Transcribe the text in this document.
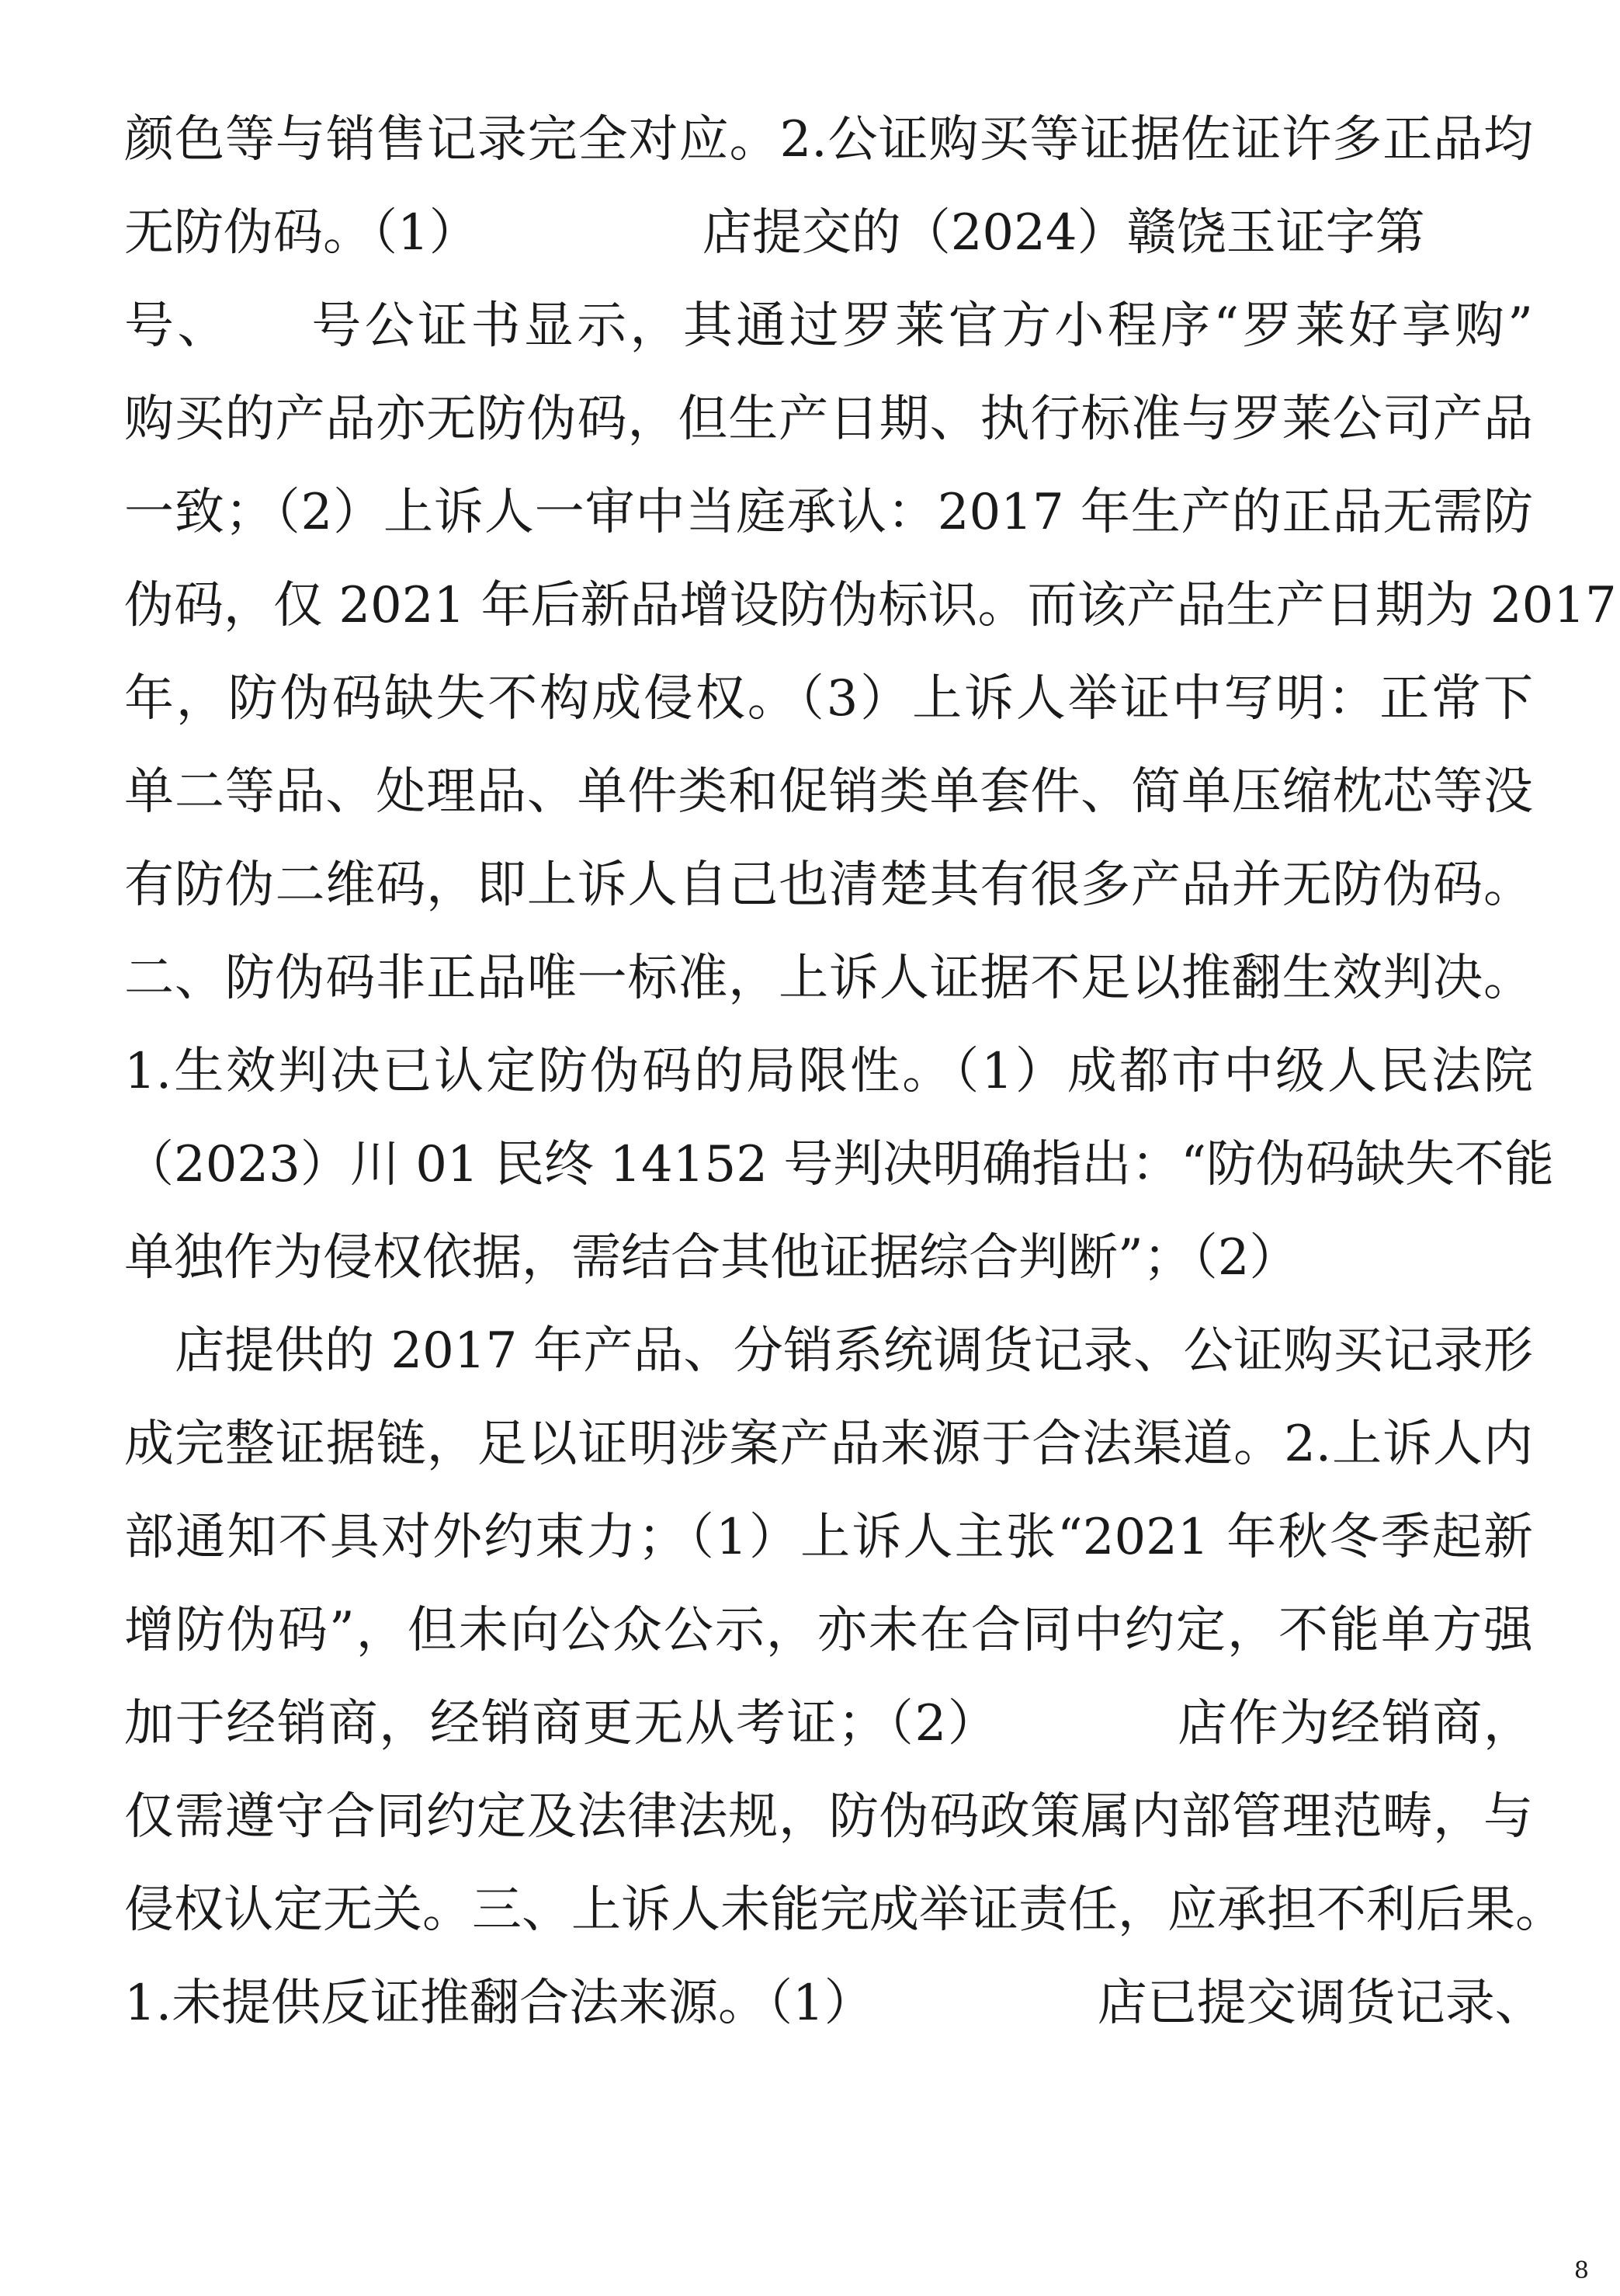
颜色等与销售记录完全对应。2.公证购买等证据佐证许多正品均
无防伪码。（1）　　　　　店提交的（2024）赣饶玉证字第
号、　　号公证书显示，其通过罗莱官方小程序“罗莱好享购”
购买的产品亦无防伪码，但生产日期、执行标准与罗莱公司产品
一致；（2）上诉人一审中当庭承认：2017 年生产的正品无需防
伪码，仅 2021 年后新品增设防伪标识。而该产品生产日期为 2017
年，防伪码缺失不构成侵权。（3）上诉人举证中写明：正常下
单二等品、处理品、单件类和促销类单套件、简单压缩枕芯等没
有防伪二维码，即上诉人自己也清楚其有很多产品并无防伪码。
二、防伪码非正品唯一标准，上诉人证据不足以推翻生效判决。
1.生效判决已认定防伪码的局限性。（1）成都市中级人民法院
（2023）川 01 民终 14152 号判决明确指出：“防伪码缺失不能
单独作为侵权依据，需结合其他证据综合判断”；（2）
店提供的 2017 年产品、分销系统调货记录、公证购买记录形
成完整证据链，足以证明涉案产品来源于合法渠道。2.上诉人内
部通知不具对外约束力；（1）上诉人主张“2021 年秋冬季起新
增防伪码”，但未向公众公示，亦未在合同中约定，不能单方强
加于经销商，经销商更无从考证；（2）　　　　店作为经销商，
仅需遵守合同约定及法律法规，防伪码政策属内部管理范畴，与
侵权认定无关。三、上诉人未能完成举证责任，应承担不利后果。
1.未提供反证推翻合法来源。（1）　　　　　店已提交调货记录、
8
